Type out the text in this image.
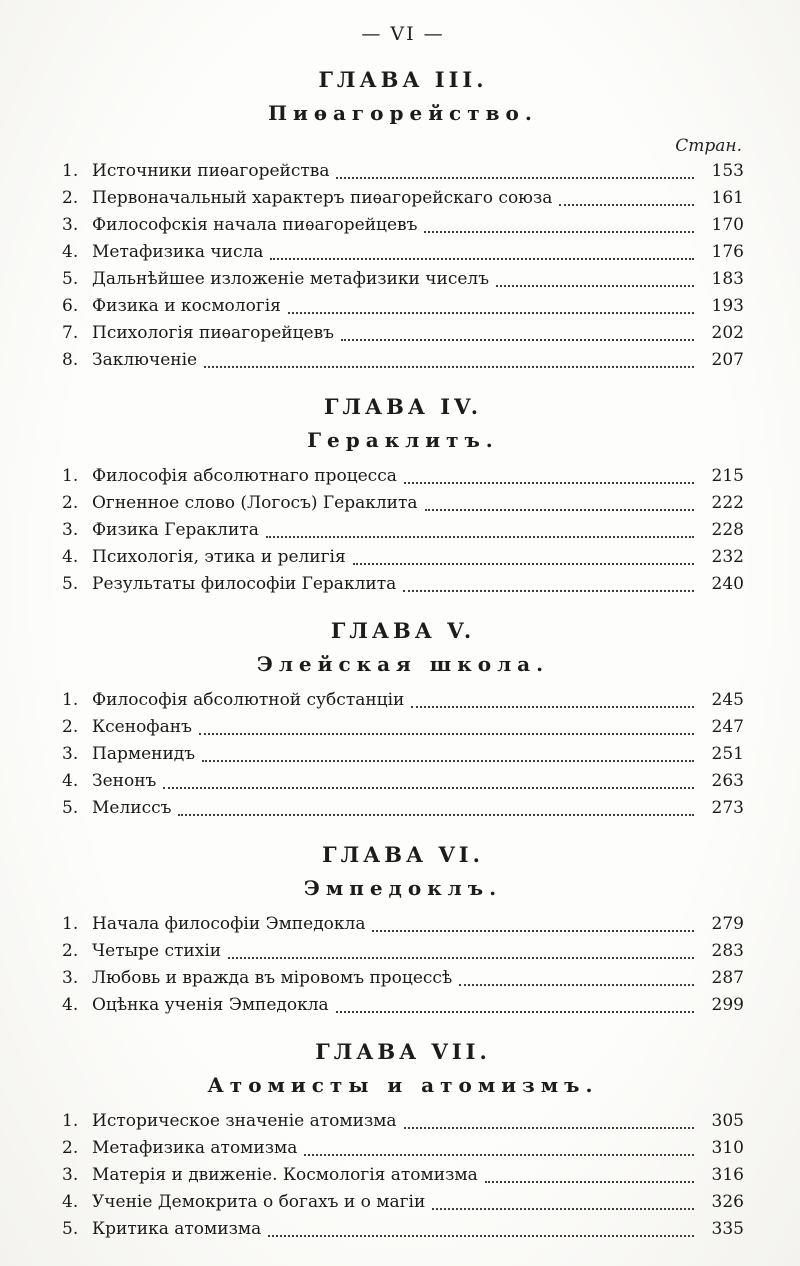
— VI —
ГЛАВА III.
Пиѳагорейство.
Стран.
1. Источники пиѳагорейства	153
2. Первоначальный характеръ пиѳагорейскаго союза	161
3. Философскія начала пиѳагорейцевъ	170
4. Метафизика числа	176
5. Дальнѣйшее изложеніе метафизики чиселъ	183
6. Физика и космологія	193
7. Психологія пиѳагорейцевъ	202
8. Заключеніе	207
ГЛАВА IV.
Гераклитъ.
1. Философія абсолютнаго процесса	215
2. Огненное слово (Логосъ) Гераклита	222
3. Физика Гераклита	228
4. Психологія, этика и религія	232
5. Результаты философіи Гераклита	240
ГЛАВА V.
Элейская школа.
1. Философія абсолютной субстанціи	245
2. Ксенофанъ	247
3. Парменидъ	251
4. Зенонъ	263
5. Мелиссъ	273
ГЛАВА VI.
Эмпедоклъ.
1. Начала философіи Эмпедокла	279
2. Четыре стихіи	283
3. Любовь и вражда въ міровомъ процессѣ	287
4. Оцѣнка ученія Эмпедокла	299
ГЛАВА VII.
Атомисты и атомизмъ.
1. Историческое значеніе атомизма	305
2. Метафизика атомизма	310
3. Матерія и движеніе. Космологія атомизма	316
4. Ученіе Демокрита о богахъ и о магіи	326
5. Критика атомизма	335
